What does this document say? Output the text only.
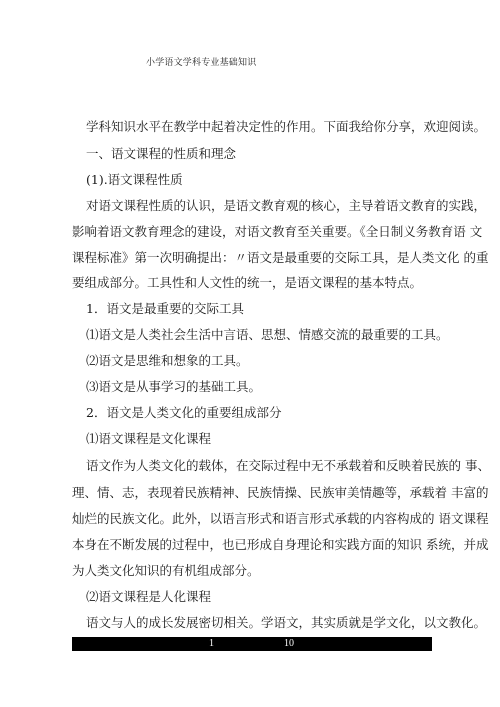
小学语文学科专业基础知识
学科知识水平在教学中起着决定性的作用。下面我给你分享，欢迎阅读。
一、语文课程的性质和理念
(1).语文课程性质
对语文课程性质的认识，是语文教育观的核心，主导着语文教育的实践，
影响着语文教育理念的建设，对语文教育至关重要。《全日制义务教育语 文
课程标准》第一次明确提出：〃语文是最重要的交际工具，是人类文化 的重
要组成部分。工具性和人文性的统一，是语文课程的基本特点。
1．语文是最重要的交际工具
⑴语文是人类社会生活中言语、思想、情感交流的最重要的工具。
⑵语文是思维和想象的工具。
⑶语文是从事学习的基础工具。
2．语文是人类文化的重要组成部分
⑴语文课程是文化课程
语文作为人类文化的载体，在交际过程中无不承载着和反映着民族的 事、
理、情、志，表现着民族精神、民族情操、民族审美情趣等，承载着 丰富的
灿烂的民族文化。此外，以语言形式和语言形式承载的内容构成的 语文课程
本身在不断发展的过程中，也已形成自身理论和实践方面的知识 系统，并成
为人类文化知识的有机组成部分。
⑵语文课程是人化课程
语文与人的成长发展密切相关。学语文，其实质就是学文化，以文教化。
1	10
